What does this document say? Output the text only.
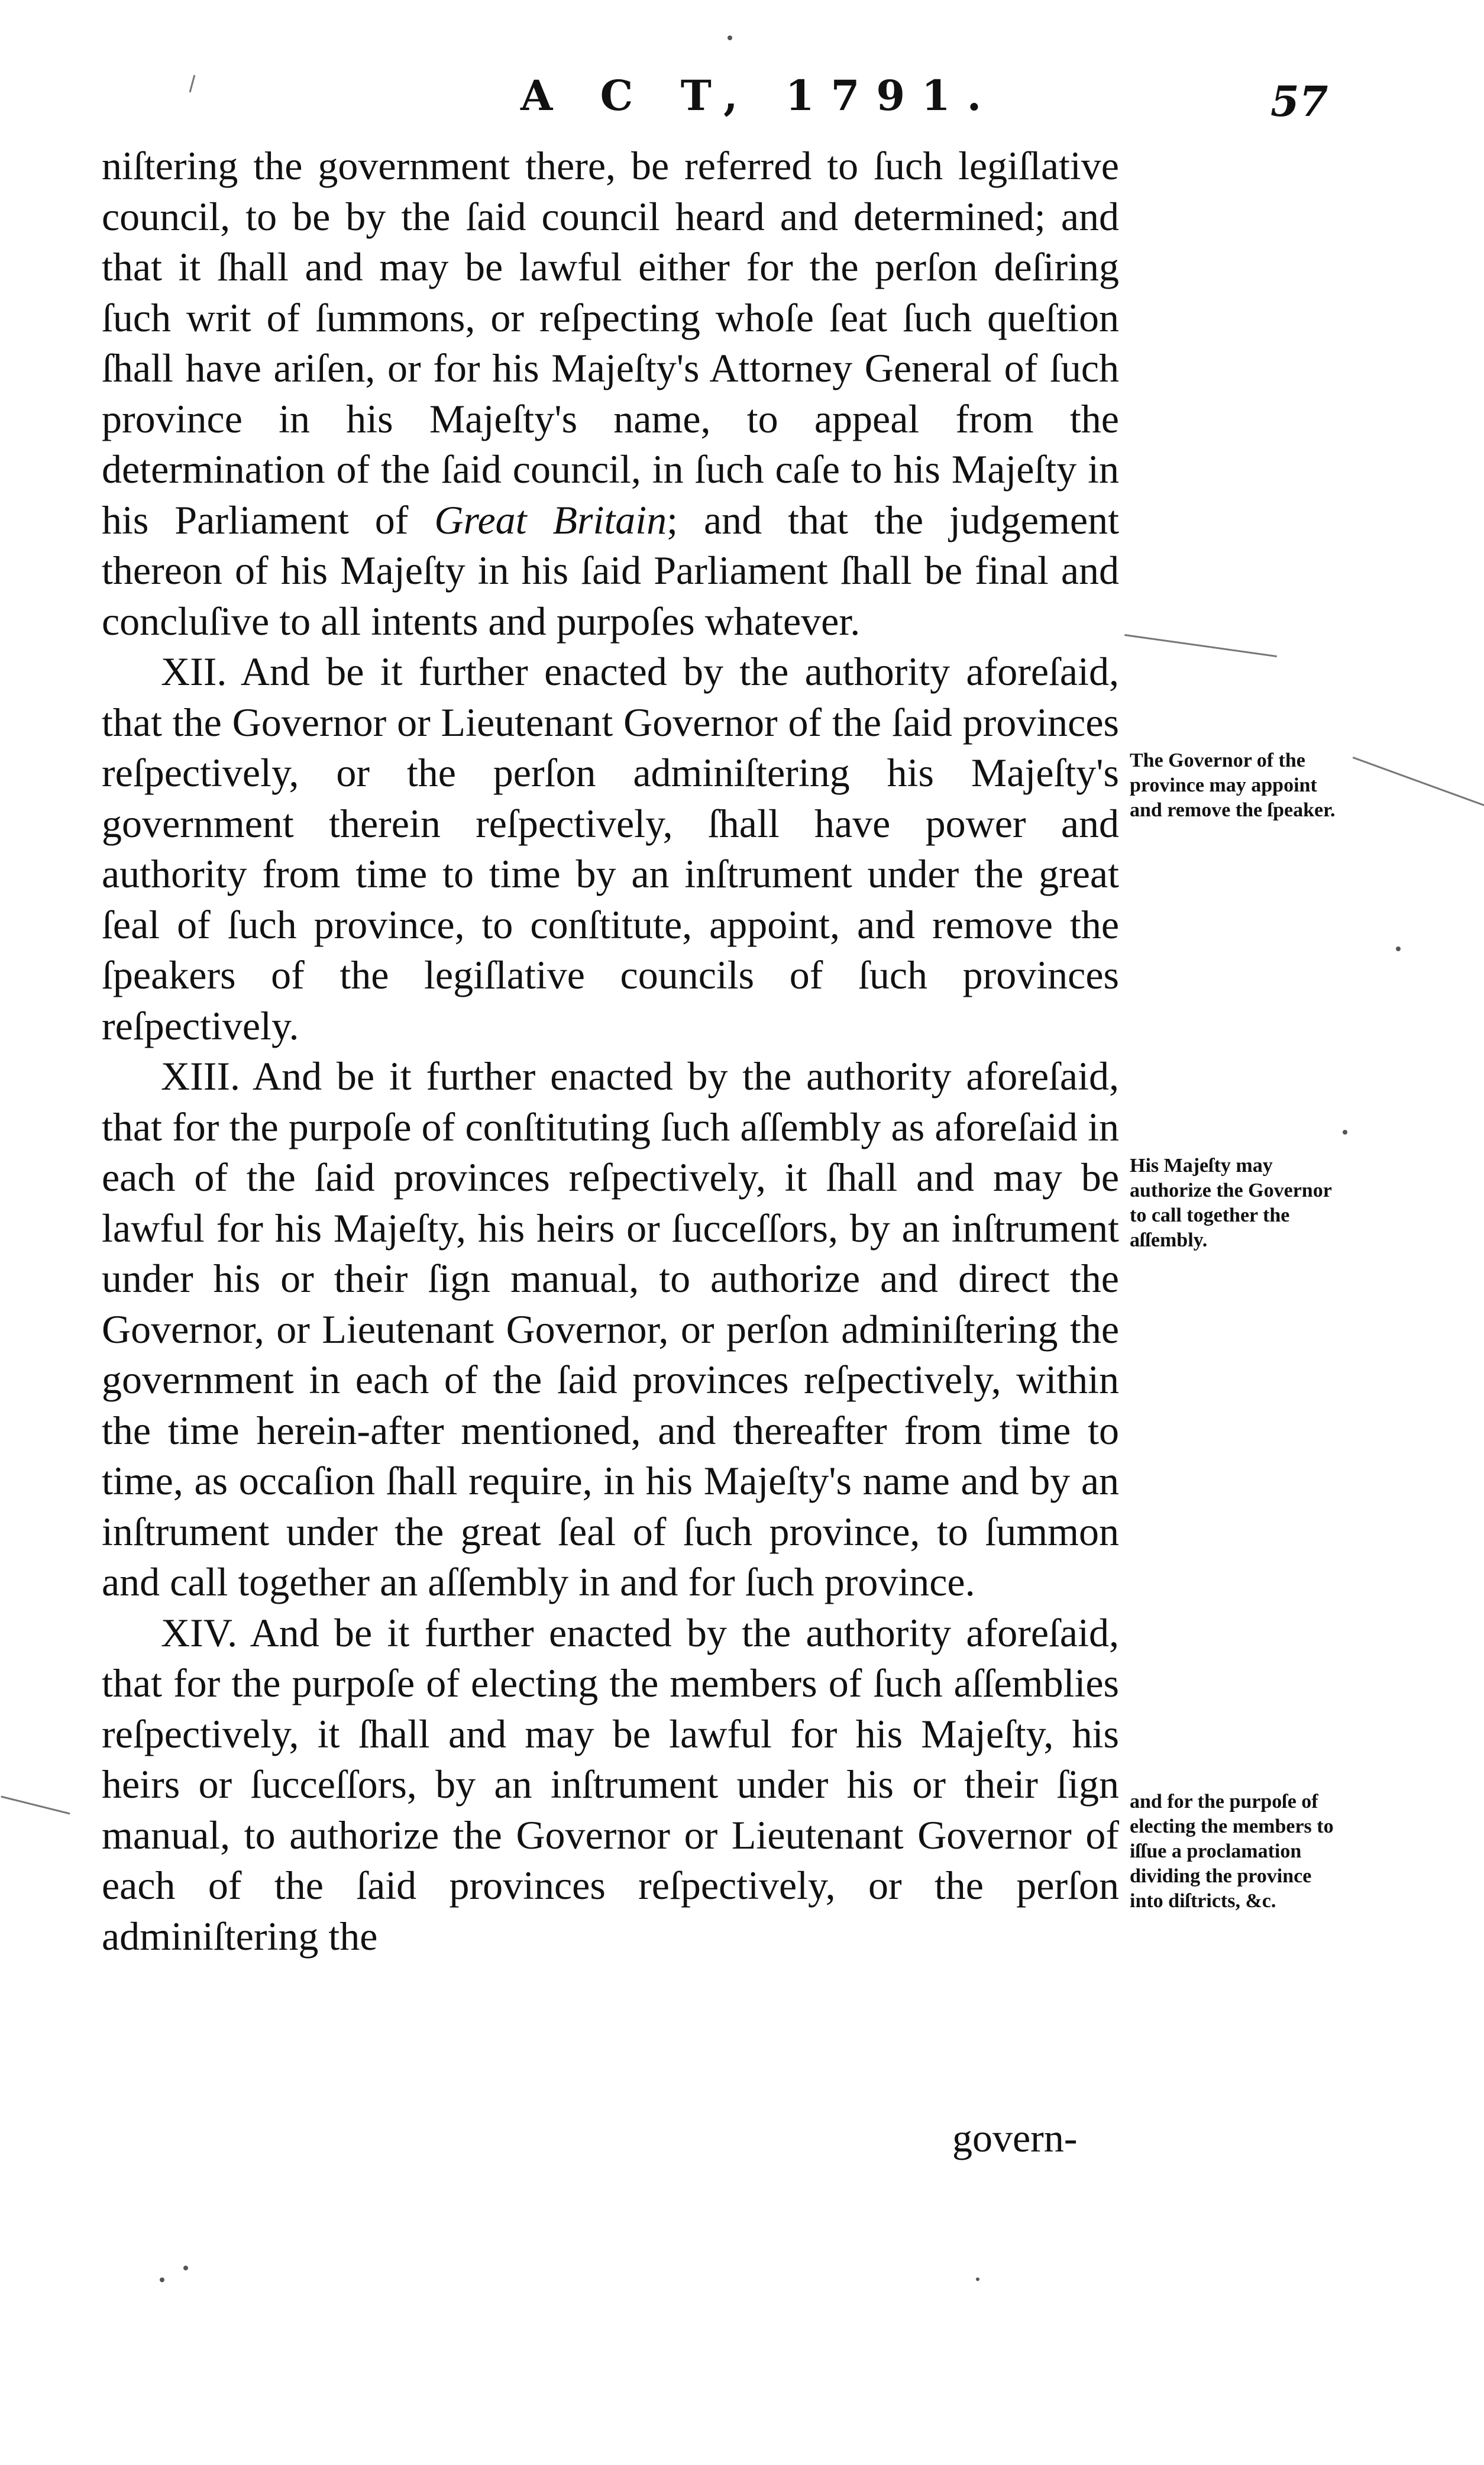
A C T, 1791.	57

niſtering the government there, be referred to ſuch legiſlative council, to be by the ſaid council heard and determined; and that it ſhall and may be lawful either for the perſon deſiring ſuch writ of ſummons, or reſpecting whoſe ſeat ſuch queſtion ſhall have ariſen, or for his Majeſty's Attorney General of ſuch province in his Majeſty's name, to appeal from the determination of the ſaid council, in ſuch caſe to his Majeſty in his Parliament of Great Britain; and that the judgement thereon of his Majeſty in his ſaid Parliament ſhall be final and concluſive to all intents and purpoſes whatever.

XII. And be it further enacted by the authority aforeſaid, that the Governor or Lieutenant Governor of the ſaid provinces reſpectively, or the perſon adminiſtering his Majeſty's government therein reſpectively, ſhall have power and authority from time to time by an inſtrument under the great ſeal of ſuch province, to conſtitute, appoint, and remove the ſpeakers of the legiſlative councils of ſuch provinces reſpectively.

XIII. And be it further enacted by the authority aforeſaid, that for the purpoſe of conſtituting ſuch aſſembly as aforeſaid in each of the ſaid provinces reſpectively, it ſhall and may be lawful for his Majeſty, his heirs or ſucceſſors, by an inſtrument under his or their ſign manual, to authorize and direct the Governor, or Lieutenant Governor, or perſon adminiſtering the government in each of the ſaid provinces reſpectively, within the time herein-after mentioned, and thereafter from time to time, as occaſion ſhall require, in his Majeſty's name and by an inſtrument under the great ſeal of ſuch province, to ſummon and call together an aſſembly in and for ſuch province.

XIV. And be it further enacted by the authority aforeſaid, that for the purpoſe of electing the members of ſuch aſſemblies reſpectively, it ſhall and may be lawful for his Majeſty, his heirs or ſucceſſors, by an inſtrument under his or their ſign manual, to authorize the Governor or Lieutenant Governor of each of the ſaid provinces reſpectively, or the perſon adminiſtering the

govern-
The Governor of the province may appoint and remove the ſpeaker.
His Majeſty may authorize the Governor to call together the aſſembly.
and for the purpoſe of electing the members to iſſue a proclamation dividing the province into diſtricts, &c.
